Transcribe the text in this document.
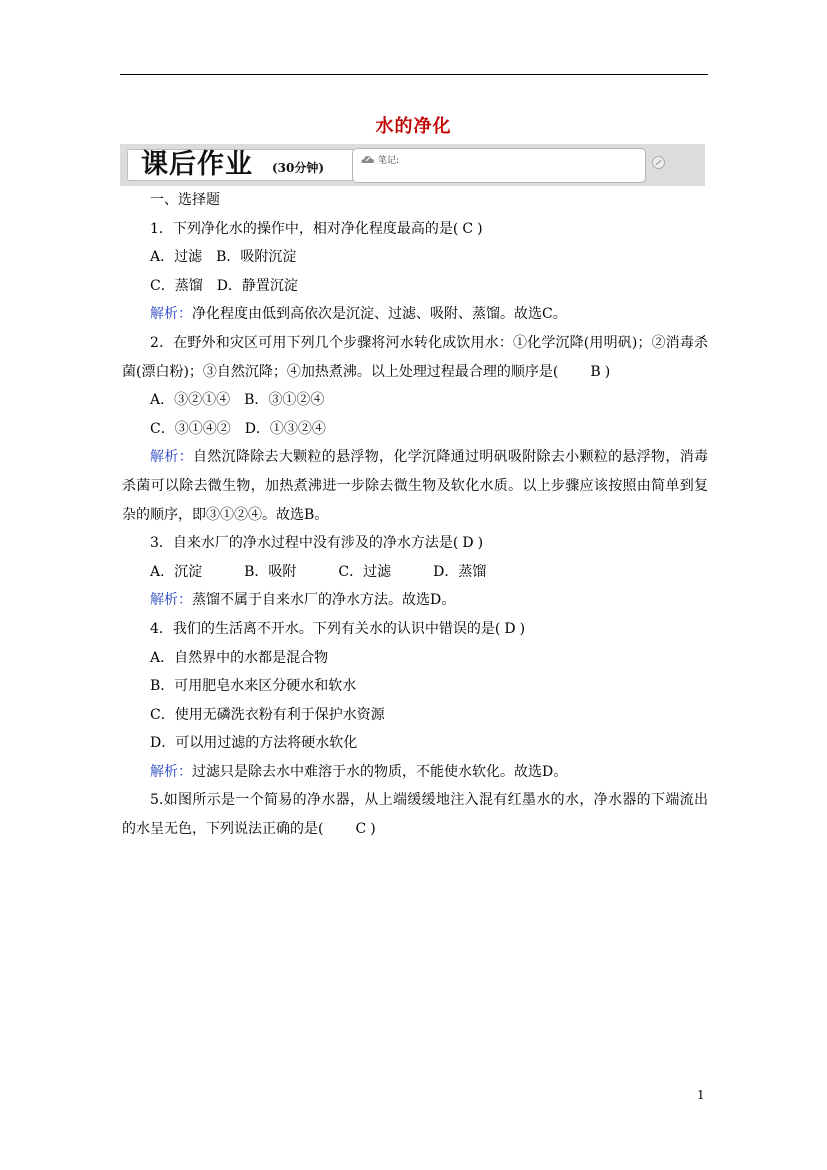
水的净化
课后作业 (30分钟)	笔记:
一、选择题
1．下列净化水的操作中，相对净化程度最高的是( C )
A．过滤　B．吸附沉淀
C．蒸馏　D．静置沉淀
解析：净化程度由低到高依次是沉淀、过滤、吸附、蒸馏。故选C。
2．在野外和灾区可用下列几个步骤将河水转化成饮用水：①化学沉降(用明矾)；②消毒杀菌(漂白粉)；③自然沉降；④加热煮沸。以上处理过程最合理的顺序是( B )
A．③②①④　B．③①②④
C．③①④②　D．①③②④
解析：自然沉降除去大颗粒的悬浮物，化学沉降通过明矾吸附除去小颗粒的悬浮物，消毒杀菌可以除去微生物，加热煮沸进一步除去微生物及软化水质。以上步骤应该按照由简单到复杂的顺序，即③①②④。故选B。
3．自来水厂的净水过程中没有涉及的净水方法是( D )
A．沉淀	B．吸附	C．过滤	D．蒸馏
解析：蒸馏不属于自来水厂的净水方法。故选D。
4．我们的生活离不开水。下列有关水的认识中错误的是( D )
A．自然界中的水都是混合物
B．可用肥皂水来区分硬水和软水
C．使用无磷洗衣粉有利于保护水资源
D．可以用过滤的方法将硬水软化
解析：过滤只是除去水中难溶于水的物质，不能使水软化。故选D。
5.如图所示是一个简易的净水器，从上端缓缓地注入混有红墨水的水，净水器的下端流出的水呈无色，下列说法正确的是( C )
1
